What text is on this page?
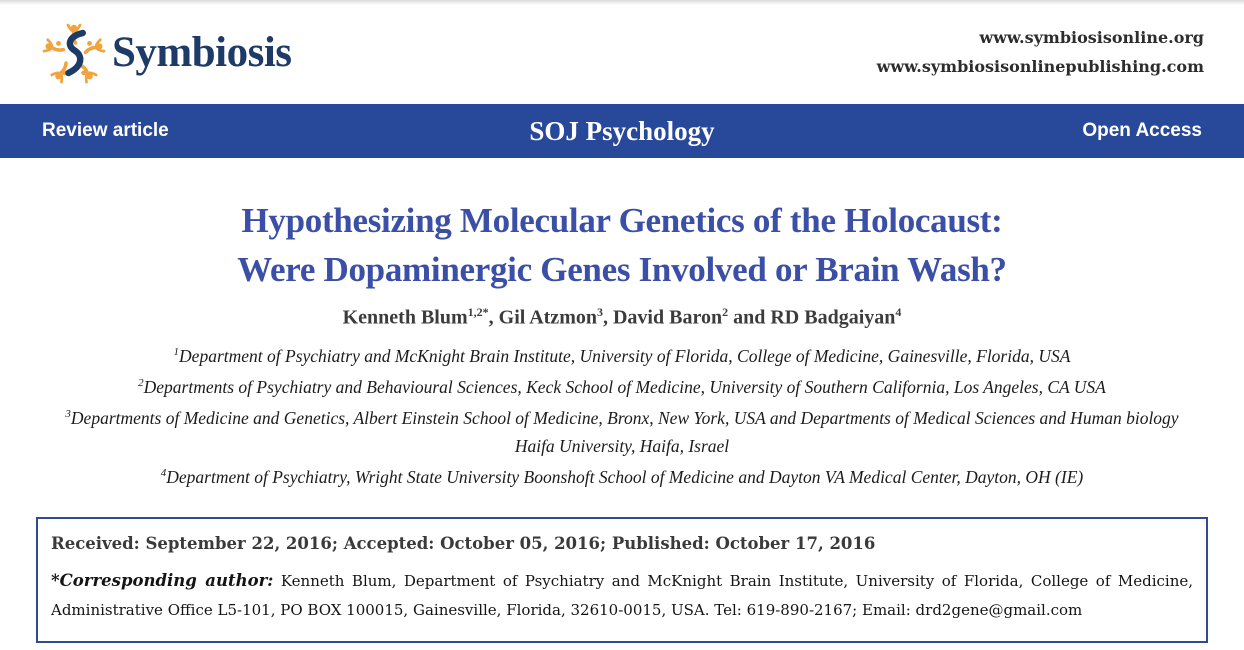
Symbiosis	www.symbiosisonline.org
www.symbiosisonlinepublishing.com
Review article	SOJ Psychology	Open Access
Hypothesizing Molecular Genetics of the Holocaust:
Were Dopaminergic Genes Involved or Brain Wash?
Kenneth Blum$^{1,2*}$, Gil Atzmon$^3$, David Baron$^2$ and RD Badgaiyan$^4$
$^1$Department of Psychiatry and McKnight Brain Institute, University of Florida, College of Medicine, Gainesville, Florida, USA
$^2$Departments of Psychiatry and Behavioural Sciences, Keck School of Medicine, University of Southern California, Los Angeles, CA USA
$^3$Departments of Medicine and Genetics, Albert Einstein School of Medicine, Bronx, New York, USA and Departments of Medical Sciences and Human biology Haifa University, Haifa, Israel
$^4$Department of Psychiatry, Wright State University Boonshoft School of Medicine and Dayton VA Medical Center, Dayton, OH (IE)

Received: September 22, 2016; Accepted: October 05, 2016; Published: October 17, 2016

*Corresponding author: Kenneth Blum, Department of Psychiatry and McKnight Brain Institute, University of Florida, College of Medicine, Administrative Office L5-101, PO BOX 100015, Gainesville, Florida, 32610-0015, USA. Tel: 619-890-2167; Email: drd2gene@gmail.com
